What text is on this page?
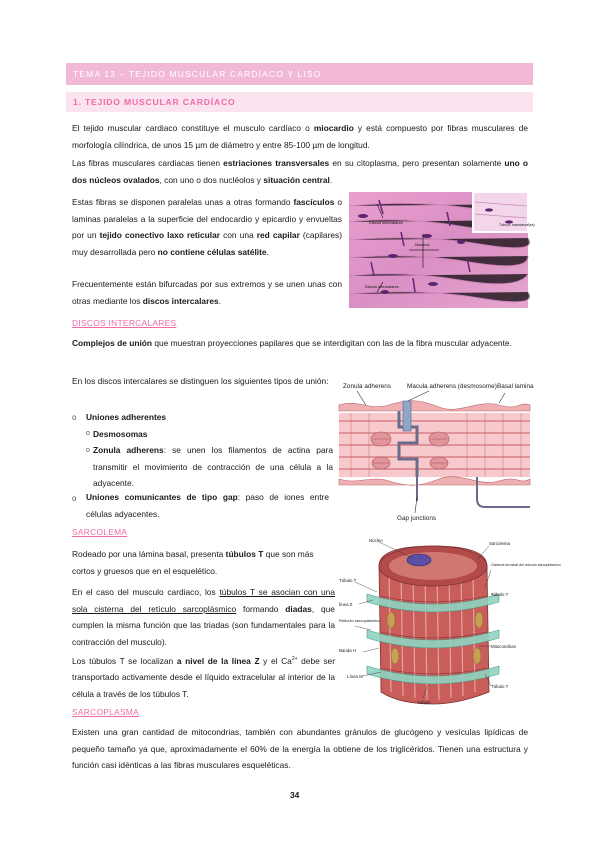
TEMA 13 – TEJIDO MUSCULAR CARDÍACO Y LISO
1. TEJIDO MUSCULAR CARDÍACO

El tejido muscular cardiaco constituye el musculo cardíaco o miocardio y está compuesto por fibras musculares de morfología cilíndrica, de unos 15 µm de diámetro y entre 85-100 µm de longitud.

Las fibras musculares cardiacas tienen estriaciones transversales en su citoplasma, pero presentan solamente uno o dos núcleos ovalados, con uno o dos nucléolos y situación central.

Estas fibras se disponen paralelas unas a otras formando fascículos o laminas paralelas a la superficie del endocardio y epicardio y envueltas por un tejido conectivo laxo reticular con una red capilar (capilares) muy desarrollada pero no contiene células satélite.

Frecuentemente están bifurcadas por sus extremos y se unen unas con otras mediante los discos intercalares.

Discos intercalares
Núcleos
Discos intercalares
Tubo pr. transversal(es)
DISCOS INTERCALARES

Complejos de unión que muestran proyecciones papilares que se interdigitan con las de la fibra muscular adyacente.

En los discos intercalares se distinguen los siguientes tipos de unión:

o Uniones adherentes

o Desmosomas

o Zonula adherens: se unen los filamentos de actina para transmitir el movimiento de contracción de una célula a la adyacente.

o Uniones comunicantes de tipo gap: paso de iones entre células adyacentes.

Zonula adherens	Macula adherens (desmosome) Basal lamina
Gap junctions
SARCOLEMA

Rodeado por una lámina basal, presenta túbulos T que son más cortos y gruesos que en el esquelético.

En el caso del musculo cardiaco, los túbulos T se asocian con una sola cisterna del retículo sarcoplásmico formando diadas, que cumplen la misma función que las triadas (son fundamentales para la contracción del musculo).

Los túbulos T se localizan a nivel de la línea Z y el $Ca^{2+}$ debe ser transportado activamente desde el líquido extracelular al interior de la célula a través de los túbulos T.

Núcleo
Sarcolema
Túbulo T
Cisterna terminal del retículo sarcoplásmico
línea Z
Túbulo T
Retículo sarcoplásmico
Banda H
Mitocondrias
Línea M
Túbulo T
Túbulo
SARCOPLASMA

Existen una gran cantidad de mitocondrias, también con abundantes gránulos de glucógeno y vesículas lipídicas de pequeño tamaño ya que, aproximadamente el 60% de la energía la obtiene de los triglicéridos. Tienen una estructura y función casi idénticas a las fibras musculares esqueléticas.

34
